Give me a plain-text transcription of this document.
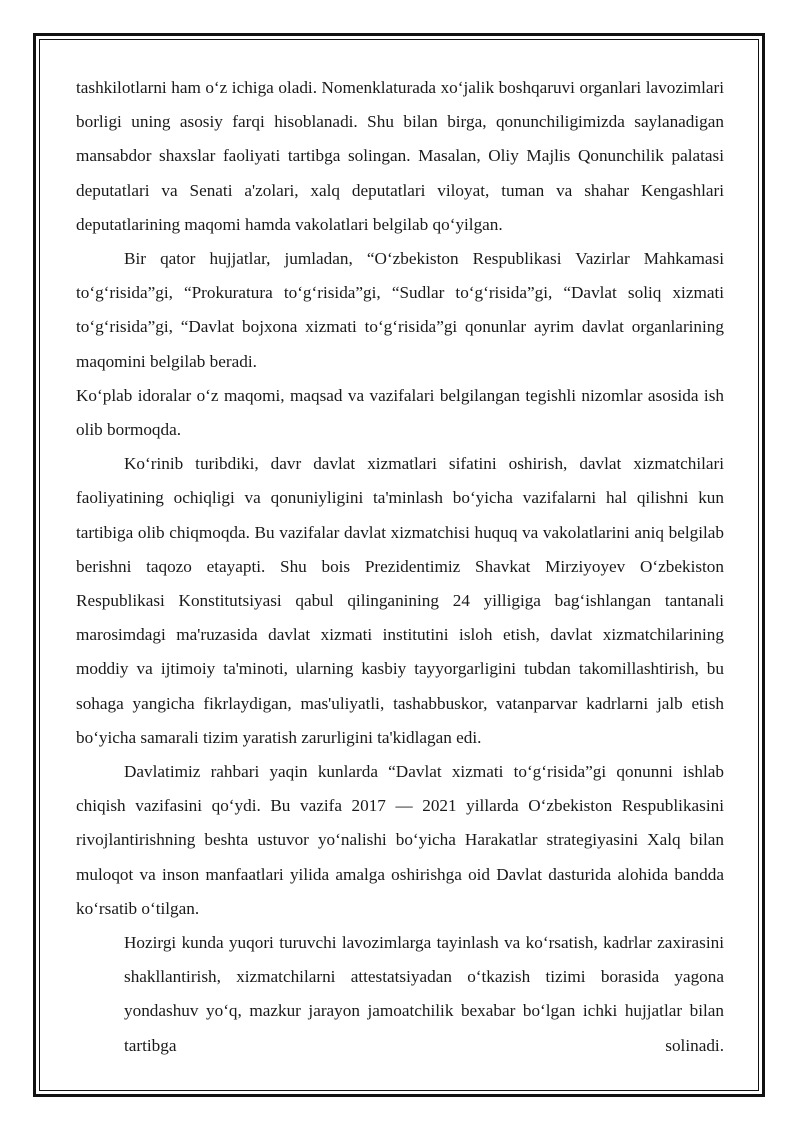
tashkilotlarni ham o‘z ichiga oladi. Nomenklaturada xo‘jalik boshqaruvi organlari lavozimlari borligi uning asosiy farqi hisoblanadi. Shu bilan birga, qonunchiligimizda saylanadigan mansabdor shaxslar faoliyati tartibga solingan. Masalan, Oliy Majlis Qonunchilik palatasi deputatlari va Senati a'zolari, xalq deputatlari viloyat, tuman va shahar Kengashlari deputatlarining maqomi hamda vakolatlari belgilab qo‘yilgan.

Bir qator hujjatlar, jumladan, “O‘zbekiston Respublikasi Vazirlar Mahkamasi to‘g‘risida”gi, “Prokuratura to‘g‘risida”gi, “Sudlar to‘g‘risida”gi, “Davlat soliq xizmati to‘g‘risida”gi, “Davlat bojxona xizmati to‘g‘risida”gi qonunlar ayrim davlat organlarining maqomini belgilab beradi.

Ko‘plab idoralar o‘z maqomi, maqsad va vazifalari belgilangan tegishli nizomlar asosida ish olib bormoqda.

Ko‘rinib turibdiki, davr davlat xizmatlari sifatini oshirish, davlat xizmatchilari faoliyatining ochiqligi va qonuniyligini ta'minlash bo‘yicha vazifalarni hal qilishni kun tartibiga olib chiqmoqda. Bu vazifalar davlat xizmatchisi huquq va vakolatlarini aniq belgilab berishni taqozo etayapti. Shu bois Prezidentimiz Shavkat Mirziyoyev O‘zbekiston Respublikasi Konstitutsiyasi qabul qilinganining 24 yilligiga bag‘ishlangan tantanali marosimdagi ma'ruzasida davlat xizmati institutini isloh etish, davlat xizmatchilarining moddiy va ijtimoiy ta'minoti, ularning kasbiy tayyorgarligini tubdan takomillashtirish, bu sohaga yangicha fikrlaydigan, mas'uliyatli, tashabbuskor, vatanparvar kadrlarni jalb etish bo‘yicha samarali tizim yaratish zarurligini ta'kidlagan edi.

Davlatimiz rahbari yaqin kunlarda “Davlat xizmati to‘g‘risida”gi qonunni ishlab chiqish vazifasini qo‘ydi. Bu vazifa 2017 — 2021 yillarda O‘zbekiston Respublikasini rivojlantirishning beshta ustuvor yo‘nalishi bo‘yicha Harakatlar strategiyasini Xalq bilan muloqot va inson manfaatlari yilida amalga oshirishga oid Davlat dasturida alohida bandda ko‘rsatib o‘tilgan.

Hozirgi kunda yuqori turuvchi lavozimlarga tayinlash va ko‘rsatish, kadrlar zaxirasini shakllantirish, xizmatchilarni attestatsiyadan o‘tkazish tizimi borasida yagona yondashuv yo‘q, mazkur jarayon jamoatchilik bexabar bo‘lgan ichki hujjatlar bilan tartibga solinadi.
